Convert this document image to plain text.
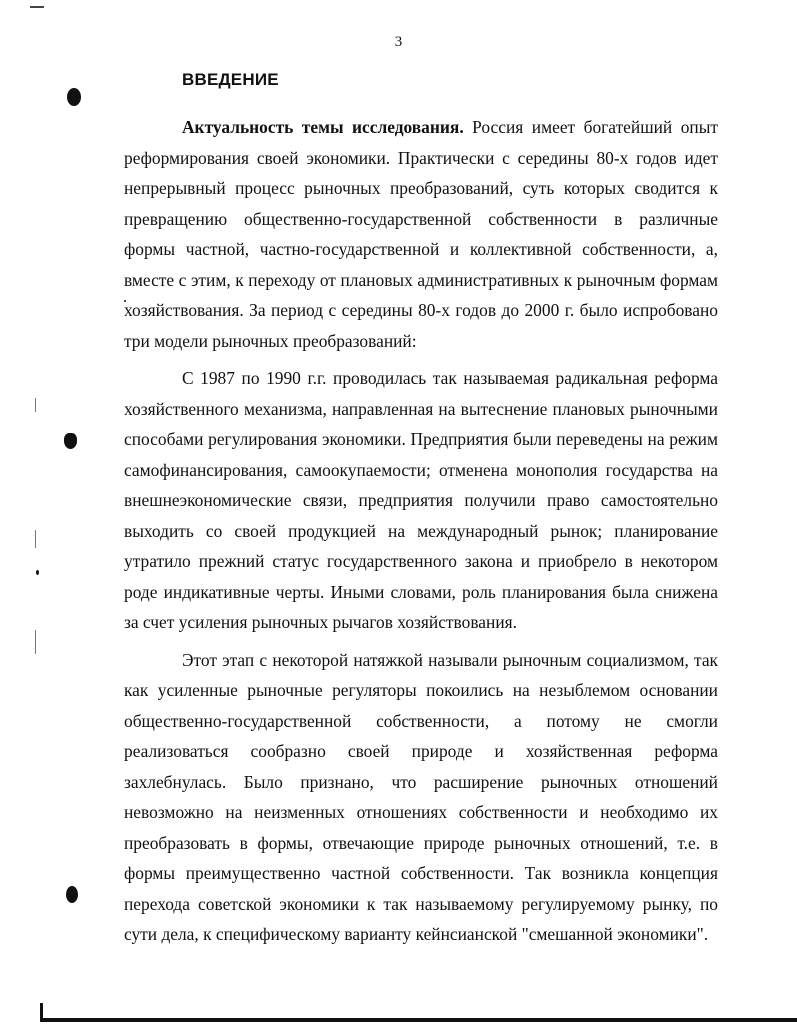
3
ВВЕДЕНИЕ

Актуальность темы исследования. Россия имеет богатейший опыт реформирования своей экономики. Практически с середины 80-х годов идет непрерывный процесс рыночных преобразований, суть которых сводится к превращению общественно-государственной собственности в различные формы частной, частно-государственной и коллективной собственности, а, вместе с этим, к переходу от плановых административных к рыночным формам хозяйствования. За период с середины 80-х годов до 2000 г. было испробовано три модели рыночных преобразований:

С 1987 по 1990 г.г. проводилась так называемая радикальная реформа хозяйственного механизма, направленная на вытеснение плановых рыночными способами регулирования экономики. Предприятия были переведены на режим самофинансирования, самоокупаемости; отменена монополия государства на внешнеэкономические связи, предприятия получили право самостоятельно выходить со своей продукцией на международный рынок; планирование утратило прежний статус государственного закона и приобрело в некотором роде индикативные черты. Иными словами, роль планирования была снижена за счет усиления рыночных рычагов хозяйствования.

Этот этап с некоторой натяжкой называли рыночным социализмом, так как усиленные рыночные регуляторы покоились на незыблемом основании общественно-государственной собственности, а потому не смогли реализоваться сообразно своей природе и хозяйственная реформа захлебнулась. Было признано, что расширение рыночных отношений невозможно на неизменных отношениях собственности и необходимо их преобразовать в формы, отвечающие природе рыночных отношений, т.е. в формы преимущественно частной собственности. Так возникла концепция перехода советской экономики к так называемому регулируемому рынку, по сути дела, к специфическому варианту кейнсианской "смешанной экономики".
